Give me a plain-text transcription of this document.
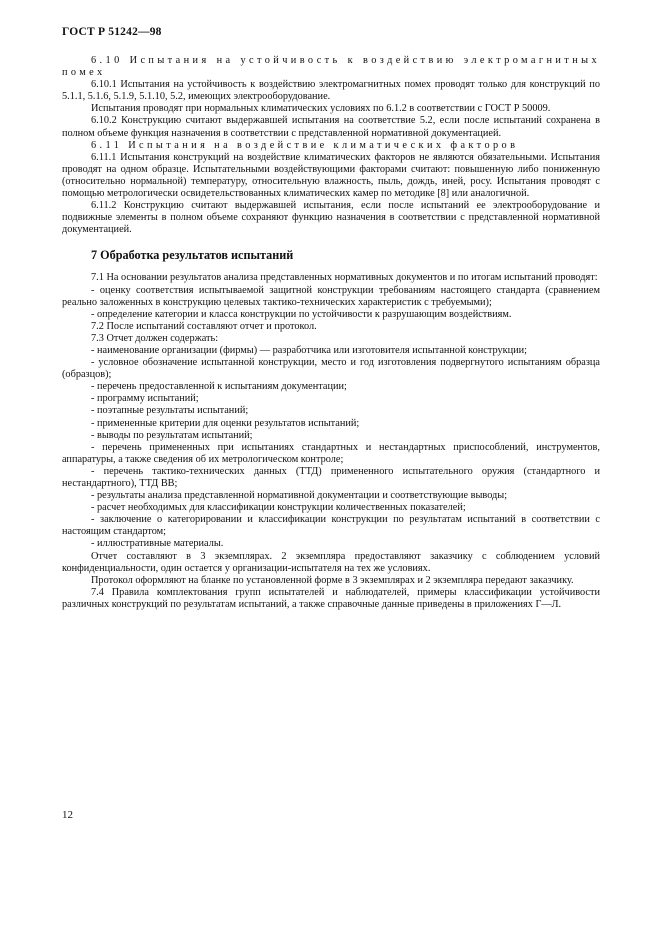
ГОСТ Р 51242—98

6.10 Испытания на устойчивость к воздействию электромагнитных помех

6.10.1 Испытания на устойчивость к воздействию электромагнитных помех проводят только для конструкций по 5.1.1, 5.1.6, 5.1.9, 5.1.10, 5.2, имеющих электрооборудование.

Испытания проводят при нормальных климатических условиях по 6.1.2 в соответствии с ГОСТ Р 50009.

6.10.2 Конструкцию считают выдержавшей испытания на соответствие 5.2, если после испытаний сохранена в полном объеме функция назначения в соответствии с представленной нормативной документацией.

6.11 Испытания на воздействие климатических факторов

6.11.1 Испытания конструкций на воздействие климатических факторов не являются обязательными. Испытания проводят на одном образце. Испытательными воздействующими факторами считают: повышенную либо пониженную (относительно нормальной) температуру, относительную влажность, пыль, дождь, иней, росу. Испытания проводят с помощью метрологически освидетельствованных климатических камер по методике [8] или аналогичной.

6.11.2 Конструкцию считают выдержавшей испытания, если после испытаний ее электрооборудование и подвижные элементы в полном объеме сохраняют функцию назначения в соответствии с представленной нормативной документацией.

7 Обработка результатов испытаний

7.1 На основании результатов анализа представленных нормативных документов и по итогам испытаний проводят:

- оценку соответствия испытываемой защитной конструкции требованиям настоящего стандарта (сравнением реально заложенных в конструкцию целевых тактико-технических характеристик с требуемыми);

- определение категории и класса конструкции по устойчивости к разрушающим воздействиям.

7.2 После испытаний составляют отчет и протокол.

7.3 Отчет должен содержать:

- наименование организации (фирмы) — разработчика или изготовителя испытанной конструкции;

- условное обозначение испытанной конструкции, место и год изготовления подвергнутого испытаниям образца (образцов);

- перечень предоставленной к испытаниям документации;

- программу испытаний;

- поэтапные результаты испытаний;

- примененные критерии для оценки результатов испытаний;

- выводы по результатам испытаний;

- перечень примененных при испытаниях стандартных и нестандартных приспособлений, инструментов, аппаратуры, а также сведения об их метрологическом контроле;

- перечень тактико-технических данных (ТТД) примененного испытательного оружия (стандартного и нестандартного), ТТД ВВ;

- результаты анализа представленной нормативной документации и соответствующие выводы;

- расчет необходимых для классификации конструкции количественных показателей;

- заключение о категорировании и классификации конструкции по результатам испытаний в соответствии с настоящим стандартом;

- иллюстративные материалы.

Отчет составляют в 3 экземплярах. 2 экземпляра предоставляют заказчику с соблюдением условий конфиденциальности, один остается у организации-испытателя на тех же условиях.

Протокол оформляют на бланке по установленной форме в 3 экземплярах и 2 экземпляра передают заказчику.

7.4 Правила комплектования групп испытателей и наблюдателей, примеры классификации устойчивости различных конструкций по результатам испытаний, а также справочные данные приведены в приложениях Г—Л.

12
